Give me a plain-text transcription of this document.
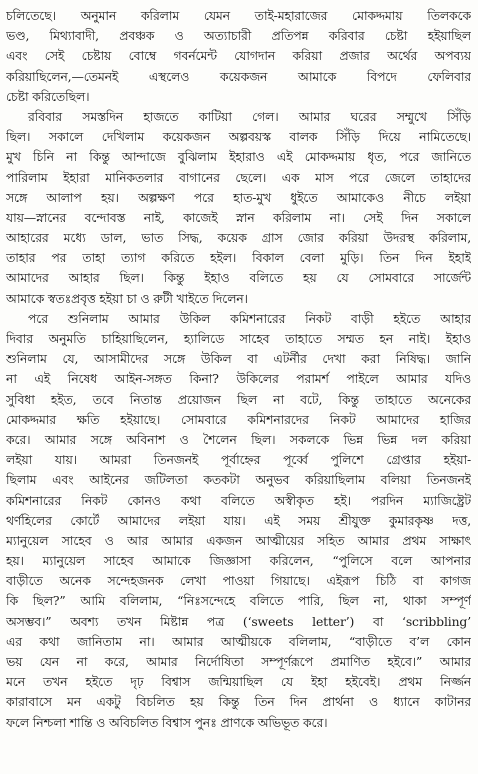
চলিতেছে। অনুমান করিলাম যেমন তাই-মহারাজের মোকদ্দমায় তিলককে
ভণ্ড, মিথ্যাবাদী, প্রবঞ্চক ও অত্যাচারী প্রতিপন্ন করিবার চেষ্টা হইয়াছিল
এবং সেই চেষ্টায় বোম্বে গবর্নমেন্ট যোগদান করিয়া প্রজার অর্থের অপব্যয়
করিয়াছিলেন,—তেমনই এস্থলেও কয়েকজন আমাকে বিপদে ফেলিবার
চেষ্টা করিতেছিল।
রবিবার সমস্তদিন হাজতে কাটিয়া গেল। আমার ঘরের সম্মুখে সিঁড়ি
ছিল। সকালে দেখিলাম কয়েকজন অল্পবয়স্ক বালক সিঁড়ি দিয়ে নামিতেছে।
মুখ চিনি না কিন্তু আন্দাজে বুঝিলাম ইহারাও এই মোকদ্দমায় ধৃত, পরে জানিতে
পারিলাম ইহারা মানিকতলার বাগানের ছেলে। এক মাস পরে জেলে তাহাদের
সঙ্গে আলাপ হয়। অল্পক্ষণ পরে হাত-মুখ ধুইতে আমাকেও নীচে লইয়া
যায়—স্নানের বন্দোবস্ত নাই, কাজেই স্নান করিলাম না। সেই দিন সকালে
আহারের মধ্যে ডাল, ভাত সিদ্ধ, কয়েক গ্রাস জোর করিয়া উদরস্থ করিলাম,
তাহার পর তাহা ত্যাগ করিতে হইল। বিকাল বেলা মুড়ি। তিন দিন ইহাই
আমাদের আহার ছিল। কিন্তু ইহাও বলিতে হয় যে সোমবারে সার্জেন্ট
আমাকে স্বতঃপ্রবৃত্ত হইয়া চা ও রুটী খাইতে দিলেন।
পরে শুনিলাম আমার উকিল কমিশনারের নিকট বাড়ী হইতে আহার
দিবার অনুমতি চাহিয়াছিলেন, হ্যালিডে সাহেব তাহাতে সম্মত হন নাই। ইহাও
শুনিলাম যে, আসামীদের সঙ্গে উকিল বা এটর্নীর দেখা করা নিষিদ্ধ। জানি
না এই নিষেধ আইন-সঙ্গত কিনা? উকিলের পরামর্শ পাইলে আমার যদিও
সুবিধা হইত, তবে নিতান্ত প্রয়োজন ছিল না বটে, কিন্তু তাহাতে অনেকের
মোকদ্দমার ক্ষতি হইয়াছে। সোমবারে কমিশনারদের নিকট আমাদের হাজির
করে। আমার সঙ্গে অবিনাশ ও শৈলেন ছিল। সকলকে ভিন্ন ভিন্ন দল করিয়া
লইয়া যায়। আমরা তিনজনই পূর্বাহ্নের পূর্ব্বে পুলিশে গ্রেপ্তার হইয়া-
ছিলাম এবং আইনের জটিলতা কতকটা অনুভব করিয়াছিলাম বলিয়া তিনজনই
কমিশনারের নিকট কোনও কথা বলিতে অস্বীকৃত হই। পরদিন ম্যাজিষ্ট্রেট
থর্ণহিলের কোর্টে আমাদের লইয়া যায়। এই সময় শ্রীযুক্ত কুমারকৃষ্ণ দত্ত,
ম্যানুয়েল সাহেব ও আর আমার একজন আত্মীয়ের সহিত আমার প্রথম সাক্ষাৎ
হয়। ম্যানুয়েল সাহেব আমাকে জিজ্ঞাসা করিলেন, “পুলিসে বলে আপনার
বাড়ীতে অনেক সন্দেহজনক লেখা পাওয়া গিয়াছে। এইরূপ চিঠি বা কাগজ
কি ছিল?” আমি বলিলাম, “নিঃসন্দেহে বলিতে পারি, ছিল না, থাকা সম্পূর্ণ
অসম্ভব।” অবশ্য তখন মিষ্টান্ন পত্র (‘sweets letter’) বা ‘scribbling’
এর কথা জানিতাম না। আমার আত্মীয়কে বলিলাম, “বাড়ীতে ব’ল কোন
ভয় যেন না করে, আমার নির্দোষিতা সম্পূর্ণরূপে প্রমাণিত হইবে।” আমার
মনে তখন হইতে দৃঢ় বিশ্বাস জন্মিয়াছিল যে ইহা হইবেই। প্রথম নির্জ্জন
কারাবাসে মন একটু বিচলিত হয় কিন্তু তিন দিন প্রার্থনা ও ধ্যানে কাটানর
ফলে নিশ্চলা শান্তি ও অবিচলিত বিশ্বাস পুনঃ প্রাণকে অভিভূত করে।
